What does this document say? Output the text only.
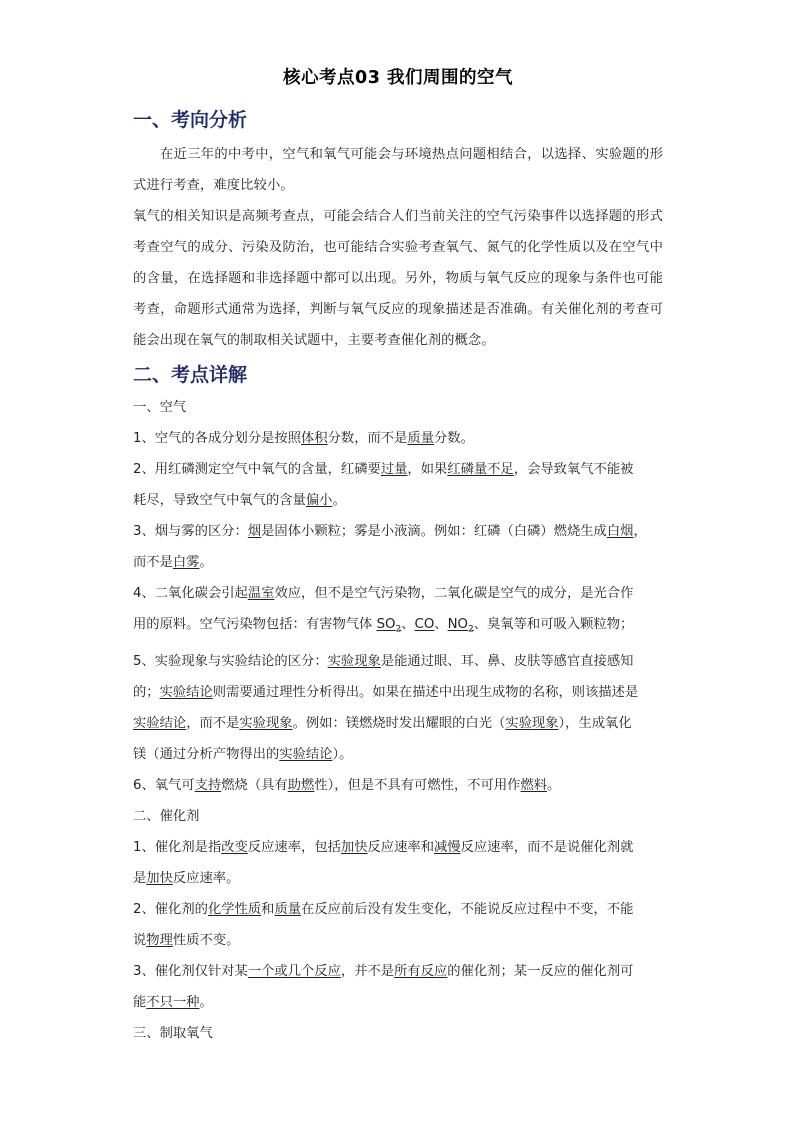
核心考点03 我们周围的空气
一、考向分析

在近三年的中考中，空气和氧气可能会与环境热点问题相结合，以选择、实验题的形式进行考查，难度比较小。

氧气的相关知识是高频考查点，可能会结合人们当前关注的空气污染事件以选择题的形式考查空气的成分、污染及防治，也可能结合实验考查氧气、氮气的化学性质以及在空气中的含量，在选择题和非选择题中都可以出现。另外，物质与氧气反应的现象与条件也可能考查，命题形式通常为选择，判断与氧气反应的现象描述是否准确。有关催化剂的考查可能会出现在氧气的制取相关试题中，主要考查催化剂的概念。

二、考点详解

一、空气

1、空气的各成分划分是按照体积分数，而不是质量分数。

2、用红磷测定空气中氧气的含量，红磷要过量，如果红磷量不足，会导致氧气不能被

耗尽，导致空气中氧气的含量偏小。

3、烟与雾的区分：烟是固体小颗粒；雾是小液滴。例如：红磷（白磷）燃烧生成白烟，

而不是白雾。

4、二氧化碳会引起温室效应，但不是空气污染物，二氧化碳是空气的成分，是光合作

用的原料。空气污染物包括：有害物气体 $SO_2$、CO、$NO_2$、臭氧等和可吸入颗粒物；

5、实验现象与实验结论的区分：实验现象是能通过眼、耳、鼻、皮肤等感官直接感知

的；实验结论则需要通过理性分析得出。如果在描述中出现生成物的名称，则该描述是

实验结论，而不是实验现象。例如：镁燃烧时发出耀眼的白光（实验现象），生成氧化

镁（通过分析产物得出的实验结论）。

6、氧气可支持燃烧（具有助燃性），但是不具有可燃性，不可用作燃料。

二、催化剂

1、催化剂是指改变反应速率，包括加快反应速率和减慢反应速率，而不是说催化剂就

是加快反应速率。

2、催化剂的化学性质和质量在反应前后没有发生变化，不能说反应过程中不变，不能

说物理性质不变。

3、催化剂仅针对某一个或几个反应，并不是所有反应的催化剂；某一反应的催化剂可

能不只一种。

三、制取氧气
